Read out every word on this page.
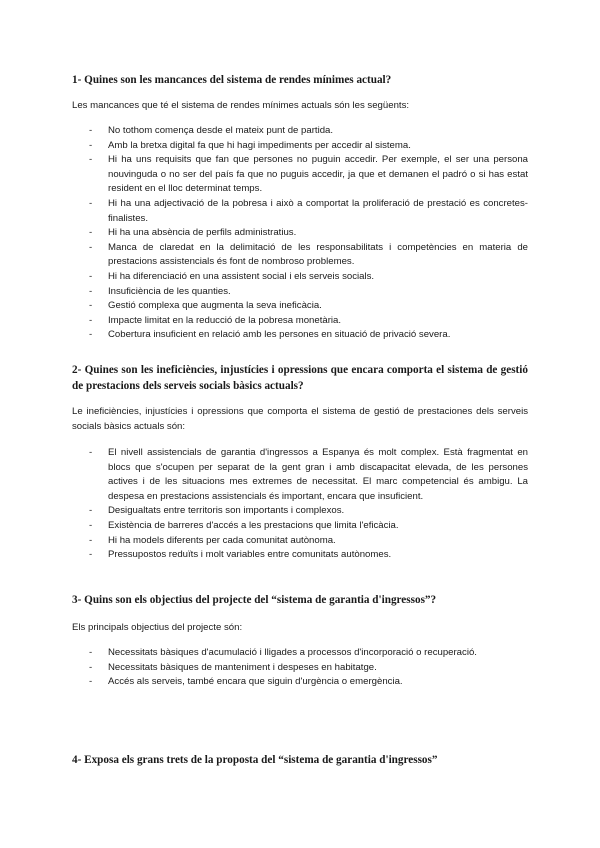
1- Quines son les mancances del sistema de rendes mínimes actual?
Les mancances que té el sistema de rendes mínimes actuals són les següents:
- No tothom comença desde el mateix punt de partida.
- Amb la bretxa digital fa que hi hagi impediments per accedir al sistema.
- Hi ha uns requisits que fan que persones no puguin accedir. Per exemple, el ser una persona nouvinguda o no ser del país fa que no puguis accedir, ja que et demanen el padró o si has estat resident en el lloc determinat temps.
- Hi ha una adjectivació de la pobresa i això a comportat la proliferació de prestació es concretes-finalistes.
- Hi ha una absència de perfils administratius.
- Manca de claredat en la delimitació de les responsabilitats i competències en materia de prestacions assistencials és font de nombroso problemes.
- Hi ha diferenciació en una assistent social i els serveis socials.
- Insuficiència de les quanties.
- Gestió complexa que augmenta la seva ineficàcia.
- Impacte limitat en la reducció de la pobresa monetària.
- Cobertura insuficient en relació amb les persones en situació de privació severa.
2- Quines son les ineficiències, injustícies i opressions que encara comporta el sistema de gestió de prestacions dels serveis socials bàsics actuals?
Le ineficiències, injustícies i opressions que comporta el sistema de gestió de prestaciones dels serveis socials bàsics actuals són:
- El nivell assistencials de garantia d'ingressos a Espanya és molt complex. Està fragmentat en blocs que s'ocupen per separat de la gent gran i amb discapacitat elevada, de les persones actives i de les situacions mes extremes de necessitat. El marc competencial és ambigu. La despesa en prestacions assistencials és important, encara que insuficient.
- Desigualtats entre territoris son importants i complexos.
- Existència de barreres d'accés a les prestacions que limita l'eficàcia.
- Hi ha models diferents per cada comunitat autònoma.
- Pressupostos reduïts i molt variables entre comunitats autònomes.
3- Quins son els objectius del projecte del “sistema de garantia d'ingressos”?
Els principals objectius del projecte són:
- Necessitats bàsiques d'acumulació i lligades a processos d'incorporació o recuperació.
- Necessitats bàsiques de manteniment i despeses en habitatge.
- Accés als serveis, també encara que siguin d'urgència o emergència.
4- Exposa els grans trets de la proposta del “sistema de garantia d'ingressos”
